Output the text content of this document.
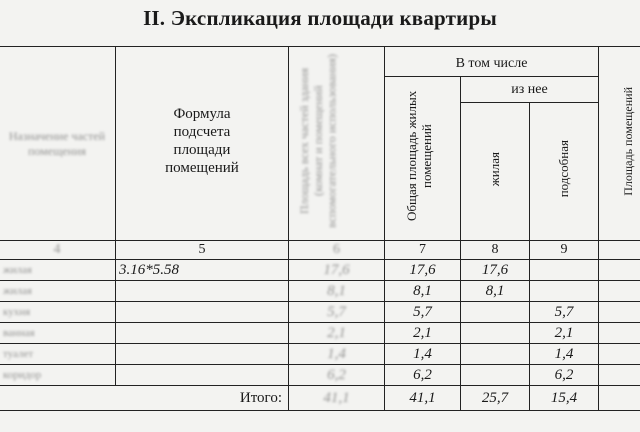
II. Экспликация площади квартиры
Назначение частей помещения	Формула подсчета площади помещений	Площадь всех частей здания (комнат и помещений вспомогательного использования)	В том числе			Площадь помещений
			Общая площадь жилых помещений	из нее		
				жилая	подсобная	
4	5	6	7	8	9	
жилая	3.16*5.58	17,6	17,6	17,6		
жилая		8,1	8,1	8,1		
кухня		5,7	5,7		5,7	
ванная		2,1	2,1		2,1	
туалет		1,4	1,4		1,4	
коридор		6,2	6,2		6,2	
Итого:		41,1	41,1	25,7	15,4	
